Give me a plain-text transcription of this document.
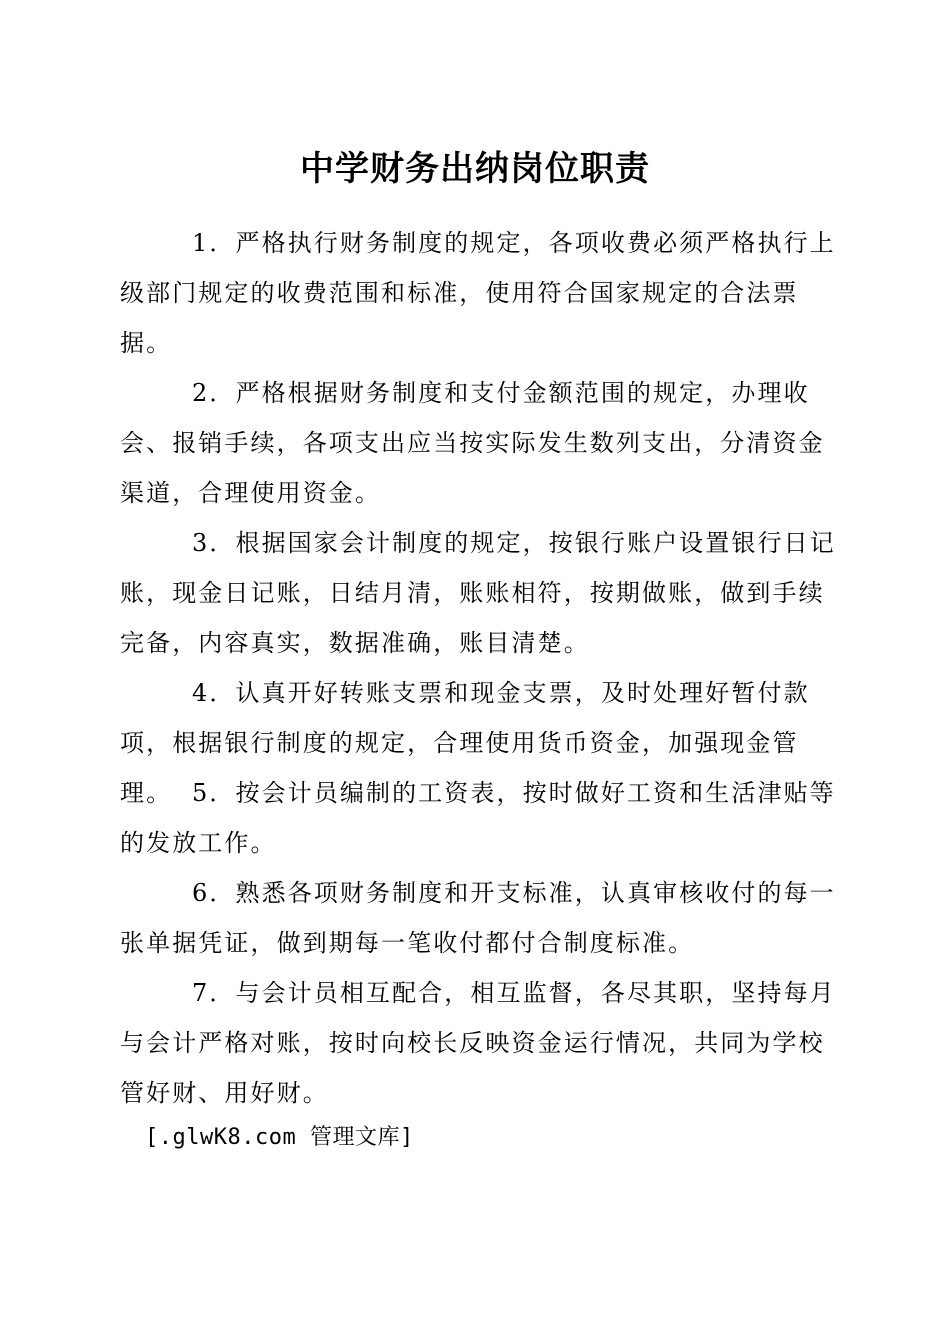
中学财务出纳岗位职责

1．严格执行财务制度的规定，各项收费必须严格执行上级部门规定的收费范围和标准，使用符合国家规定的合法票据。

2．严格根据财务制度和支付金额范围的规定，办理收会、报销手续，各项支出应当按实际发生数列支出，分清资金渠道，合理使用资金。

3．根据国家会计制度的规定，按银行账户设置银行日记账，现金日记账，日结月清，账账相符，按期做账，做到手续完备，内容真实，数据准确，账目清楚。

4．认真开好转账支票和现金支票，及时处理好暂付款项，根据银行制度的规定，合理使用货币资金，加强现金管理。 5．按会计员编制的工资表，按时做好工资和生活津贴等的发放工作。

6．熟悉各项财务制度和开支标准，认真审核收付的每一张单据凭证，做到期每一笔收付都付合制度标准。

7．与会计员相互配合，相互监督，各尽其职，坚持每月与会计严格对账，按时向校长反映资金运行情况，共同为学校管好财、用好财。

[.glwK8.com 管理文库]
